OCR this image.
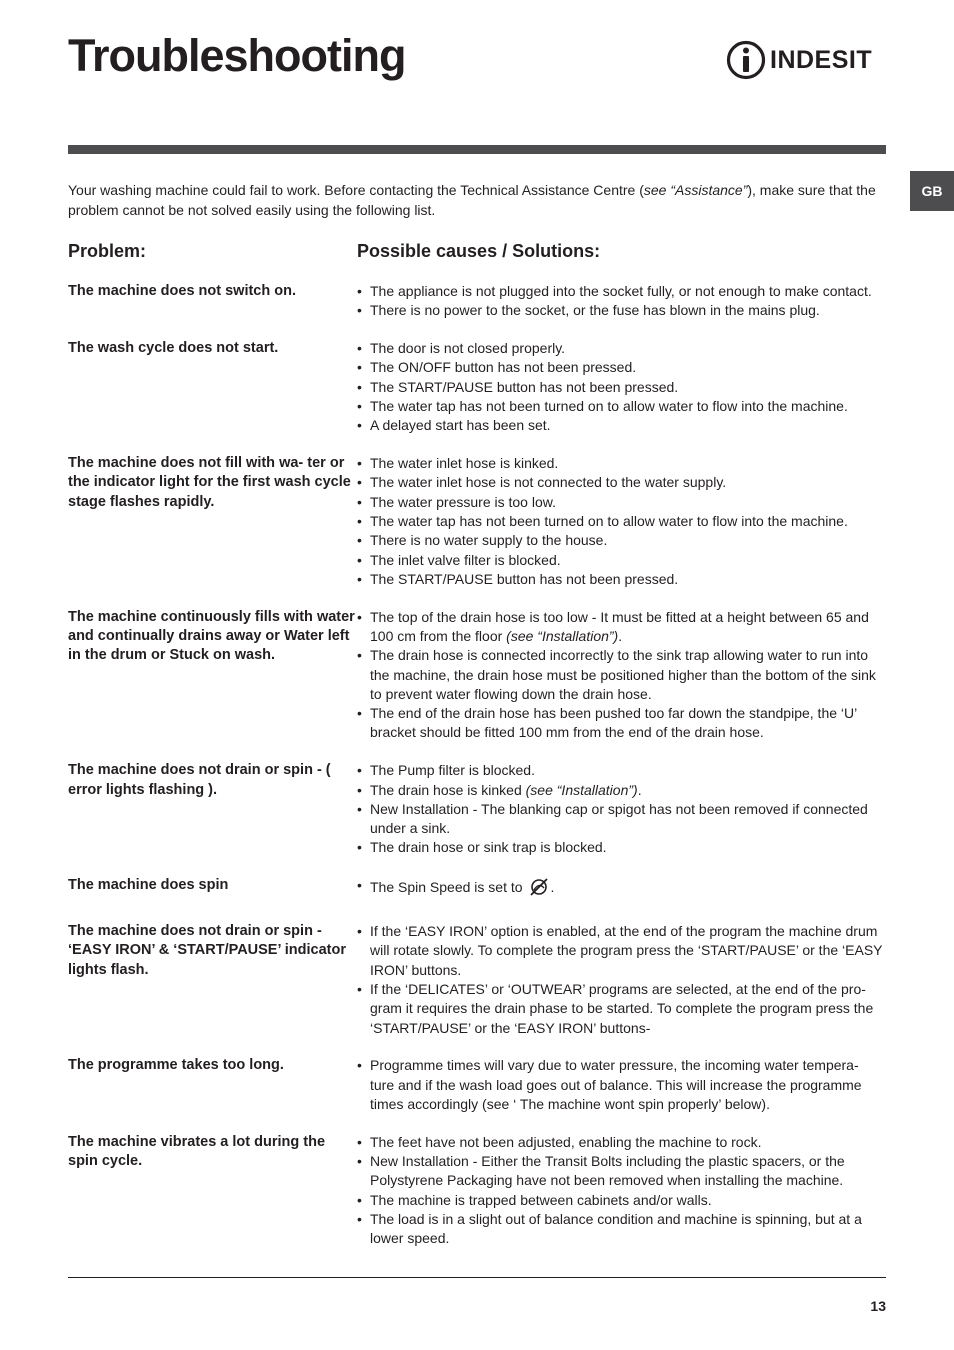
Troubleshooting	INDESIT
GB

Your washing machine could fail to work. Before contacting the Technical Assistance Centre (see “Assistance”), make sure that the problem cannot be not solved easily using the following list.

Problem:	Possible causes / Solutions:

The machine does not switch on.	• The appliance is not plugged into the socket fully, or not enough to make contact.
• There is no power to the socket, or the fuse has blown in the mains plug.

The wash cycle does not start.	• The door is not closed properly.
• The ON/OFF button has not been pressed.
• The START/PAUSE button has not been pressed.
• The water tap has not been turned on to allow water to flow into the machine.
• A delayed start has been set.

The machine does not fill with wa- ter or the indicator light for the first wash cycle stage flashes rapidly.

• The water inlet hose is kinked.
• The water inlet hose is not connected to the water supply.
• The water pressure is too low.
• The water tap has not been turned on to allow water to flow into the machine.
• There is no water supply to the house.
• The inlet valve filter is blocked.
• The START/PAUSE button has not been pressed.

The machine continuously fills with water and continually drains away or Water left in the drum or Stuck on wash.

• The top of the drain hose is too low - It must be fitted at a height between 65 and 100 cm from the floor (see “Installation”).
• The drain hose is connected incorrectly to the sink trap allowing water to run into the machine, the drain hose must be positioned higher than the bottom of the sink to prevent water flowing down the drain hose.
• The end of the drain hose has been pushed too far down the standpipe, the ‘U’ bracket should be fitted 100 mm from the end of the drain hose.

The machine does not drain or spin - ( error lights flashing ).

• The Pump filter is blocked.
• The drain hose is kinked (see “Installation”).
• New Installation - The blanking cap or spigot has not been removed if connected under a sink.
• The drain hose or sink trap is blocked.

The machine does spin	• The Spin Speed is set to .

The machine does not drain or spin - ‘EASY IRON’ & ‘START/PAUSE’ indicator lights flash.

• If the ‘EASY IRON’ option is enabled, at the end of the program the machine drum will rotate slowly. To complete the program press the ‘START/PAUSE’ or the ‘EASY IRON’ buttons.
• If the ‘DELICATES’ or ‘OUTWEAR’ programs are selected, at the end of the pro- gram it requires the drain phase to be started. To complete the program press the ‘START/PAUSE’ or the ‘EASY IRON’ buttons-

The programme takes too long.	• Programme times will vary due to water pressure, the incoming water tempera- ture and if the wash load goes out of balance. This will increase the programme times accordingly (see ‘ The machine wont spin properly’ below).

The machine vibrates a lot during the spin cycle.

• The feet have not been adjusted, enabling the machine to rock.
• New Installation - Either the Transit Bolts including the plastic spacers, or the Polystyrene Packaging have not been removed when installing the machine.
• The machine is trapped between cabinets and/or walls.
• The load is in a slight out of balance condition and machine is spinning, but at a lower speed.
13
